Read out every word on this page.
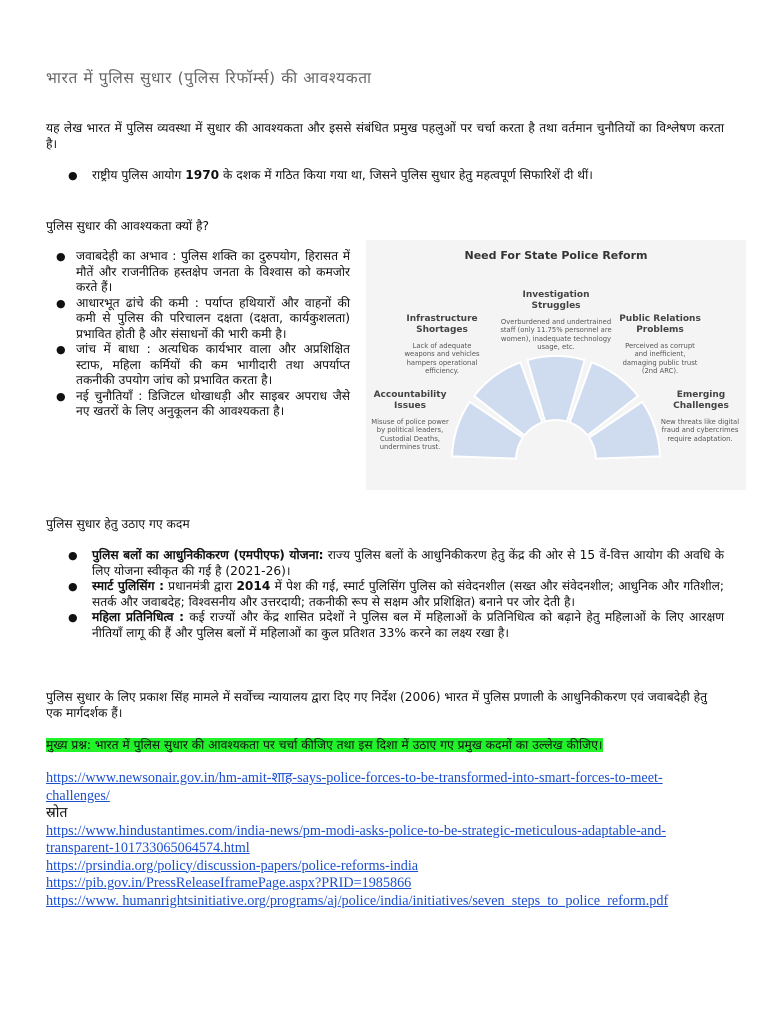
भारत में पुलिस सुधार (पुलिस रिफॉर्म्स) की आवश्यकता

यह लेख भारत में पुलिस व्यवस्था में सुधार की आवश्यकता और इससे संबंधित प्रमुख पहलुओं पर चर्चा करता है तथा वर्तमान चुनौतियों का विश्लेषण करता है।

● राष्ट्रीय पुलिस आयोग 1970 के दशक में गठित किया गया था, जिसने पुलिस सुधार हेतु महत्वपूर्ण सिफारिशें दी थीं।

पुलिस सुधार की आवश्यकता क्यों है?

● जवाबदेही का अभाव : पुलिस शक्ति का दुरुपयोग, हिरासत में मौतें और राजनीतिक हस्तक्षेप जनता के विश्वास को कमजोर करते हैं।
● आधारभूत ढांचे की कमी : पर्याप्त हथियारों और वाहनों की कमी से पुलिस की परिचालन दक्षता (दक्षता, कार्यकुशलता) प्रभावित होती है और संसाधनों की भारी कमी है।
● जांच में बाधा : अत्यधिक कार्यभार वाला और अप्रशिक्षित स्टाफ, महिला कर्मियों की कम भागीदारी तथा अपर्याप्त तकनीकी उपयोग जांच को प्रभावित करता है।
● नई चुनौतियाँ : डिजिटल धोखाधड़ी और साइबर अपराध जैसे नए खतरों के लिए अनुकूलन की आवश्यकता है।
Need For State Police Reform
Accountability
Issues
Misuse of police power
by political leaders,
Custodial Deaths,
undermines trust.
Infrastructure
Shortages
Lack of adequate
weapons and vehicles
hampers operational
efficiency.
Investigation
Struggles
Overburdened and undertrained
staff (only 11.75% personnel are
women), inadequate technology
usage, etc.
Public Relations
Problems
Perceived as corrupt
and inefficient,
damaging public trust
(2nd ARC).
Emerging
Challenges
New threats like digital
fraud and cybercrimes
require adaptation.

पुलिस सुधार हेतु उठाए गए कदम

● पुलिस बलों का आधुनिकीकरण (एमपीएफ) योजना: राज्य पुलिस बलों के आधुनिकीकरण हेतु केंद्र की ओर से 15 वें-वित्त आयोग की अवधि के लिए योजना स्वीकृत की गई है (2021-26)।
● स्मार्ट पुलिसिंग : प्रधानमंत्री द्वारा 2014 में पेश की गई, स्मार्ट पुलिसिंग पुलिस को संवेदनशील (सख्त और संवेदनशील; आधुनिक और गतिशील; सतर्क और जवाबदेह; विश्वसनीय और उत्तरदायी; तकनीकी रूप से सक्षम और प्रशिक्षित) बनाने पर जोर देती है।
● महिला प्रतिनिधित्व : कई राज्यों और केंद्र शासित प्रदेशों ने पुलिस बल में महिलाओं के प्रतिनिधित्व को बढ़ाने हेतु महिलाओं के लिए आरक्षण नीतियाँ लागू की हैं और पुलिस बलों में महिलाओं का कुल प्रतिशत 33% करने का लक्ष्य रखा है।

पुलिस सुधार के लिए प्रकाश सिंह मामले में सर्वोच्च न्यायालय द्वारा दिए गए निर्देश (2006) भारत में पुलिस प्रणाली के आधुनिकीकरण एवं जवाबदेही हेतु एक मार्गदर्शक हैं।

मुख्य प्रश्न: भारत में पुलिस सुधार की आवश्यकता पर चर्चा कीजिए तथा इस दिशा में उठाए गए प्रमुख कदमों का उल्लेख कीजिए।

https://www.newsonair.gov.in/hm-amit-शाह-says-police-forces-to-be-transformed-into-smart-forces-to-meet-challenges/
स्रोत
https://www.hindustantimes.com/india-news/pm-modi-asks-police-to-be-strategic-meticulous-adaptable-and-transparent-101733065064574.html
https://prsindia.org/policy/discussion-papers/police-reforms-india
https://pib.gov.in/PressReleaseIframePage.aspx?PRID=1985866
https://www. humanrightsinitiative.org/programs/aj/police/india/initiatives/seven_steps_to_police_reform.pdf
